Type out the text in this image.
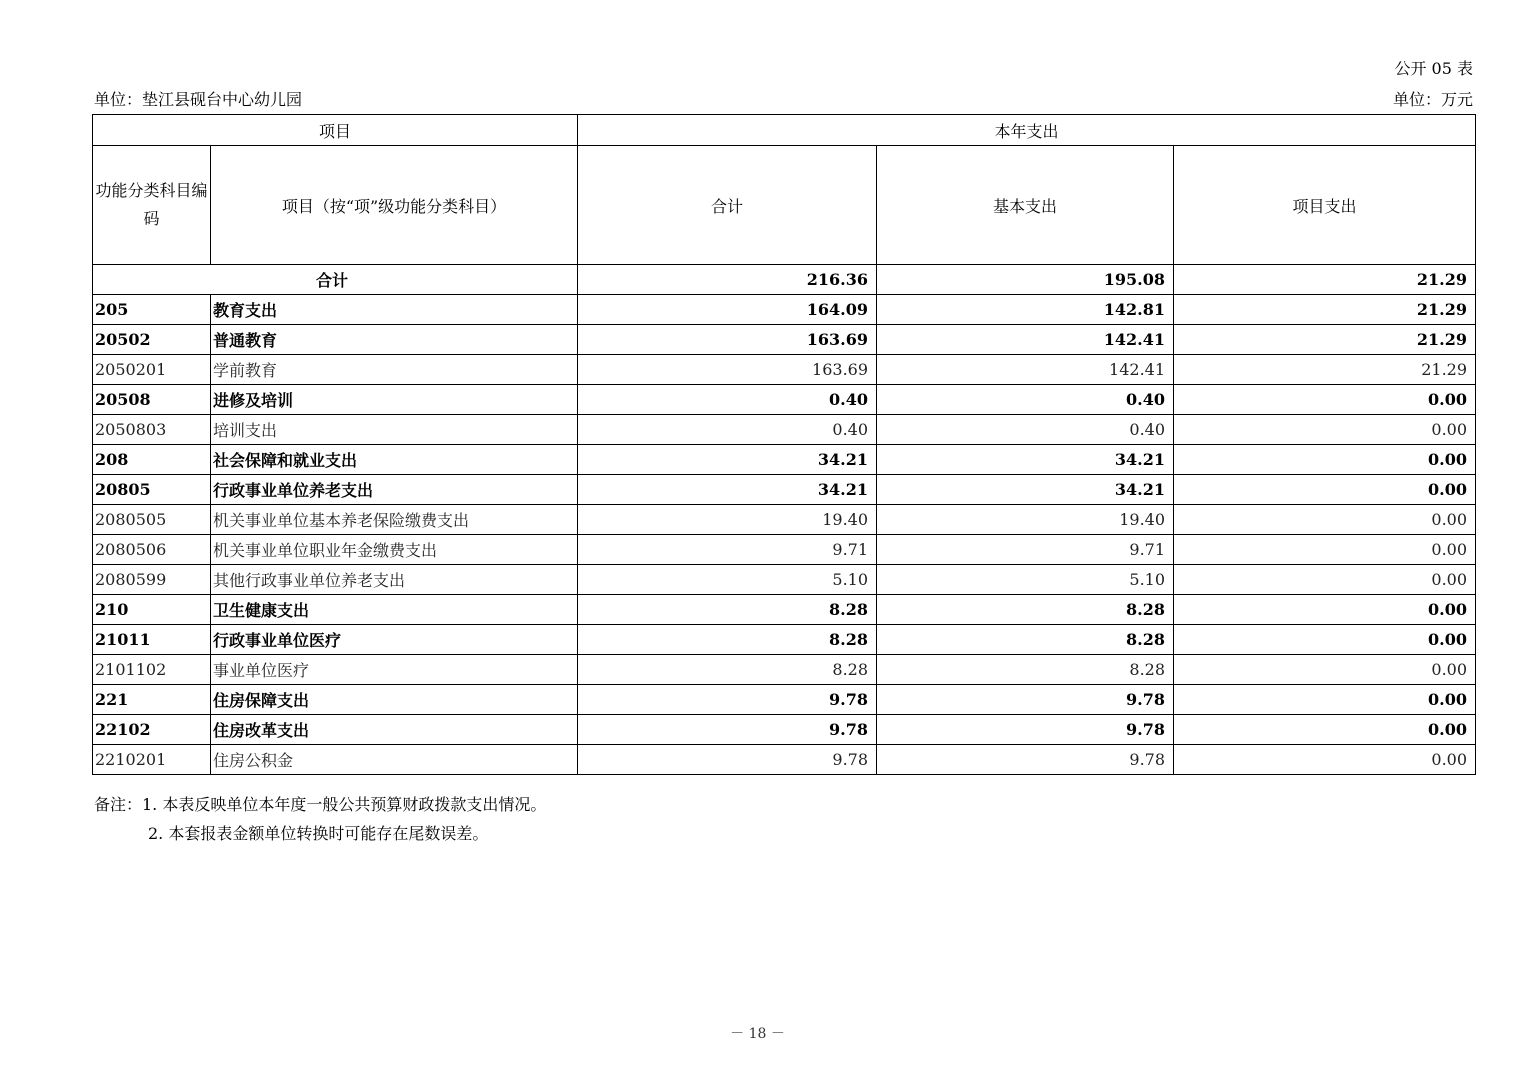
公开 05 表
单位：垫江县砚台中心幼儿园	单位：万元
项目		本年支出		
功能分类科目编码	项目（按“项”级功能分类科目）	合计	基本支出	项目支出
合计		216.36	195.08	21.29
205	教育支出	164.09	142.81	21.29
20502	普通教育	163.69	142.41	21.29
2050201	学前教育	163.69	142.41	21.29
20508	进修及培训	0.40	0.40	0.00
2050803	培训支出	0.40	0.40	0.00
208	社会保障和就业支出	34.21	34.21	0.00
20805	行政事业单位养老支出	34.21	34.21	0.00
2080505	机关事业单位基本养老保险缴费支出	19.40	19.40	0.00
2080506	机关事业单位职业年金缴费支出	9.71	9.71	0.00
2080599	其他行政事业单位养老支出	5.10	5.10	0.00
210	卫生健康支出	8.28	8.28	0.00
21011	行政事业单位医疗	8.28	8.28	0.00
2101102	事业单位医疗	8.28	8.28	0.00
221	住房保障支出	9.78	9.78	0.00
22102	住房改革支出	9.78	9.78	0.00
2210201	住房公积金	9.78	9.78	0.00
备注：1. 本表反映单位本年度一般公共预算财政拨款支出情况。
2. 本套报表金额单位转换时可能存在尾数误差。
－ 18 －
